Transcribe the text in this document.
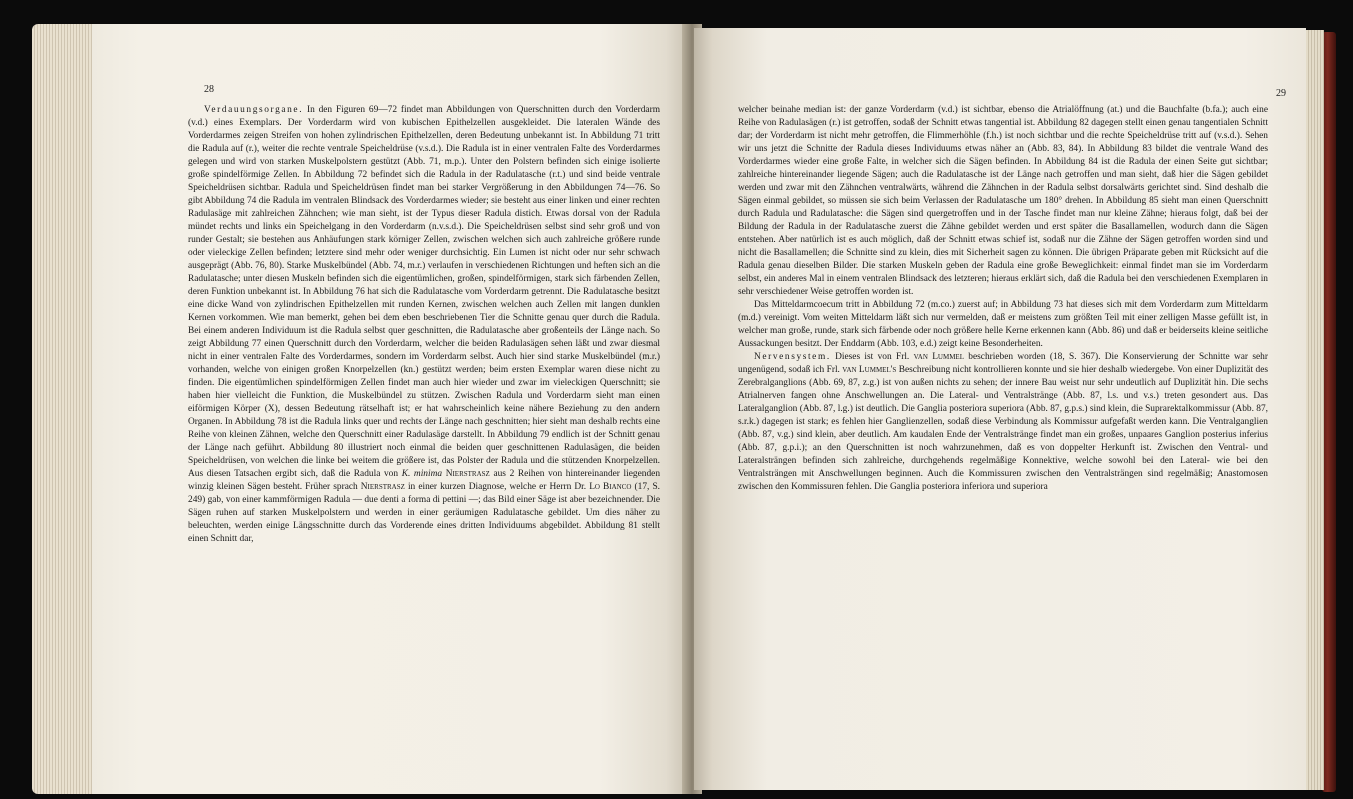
28

Verdauungsorgane. In den Figuren 69—72 findet man Abbildungen von Querschnitten durch den Vorderdarm (v.d.) eines Exemplars. Der Vorderdarm wird von kubischen Epithelzellen ausgekleidet. Die lateralen Wände des Vorderdarmes zeigen Streifen von hohen zylindrischen Epithelzellen, deren Bedeutung unbekannt ist. In Abbildung 71 tritt die Radula auf (r.), weiter die rechte ventrale Speicheldrüse (v.s.d.). Die Radula ist in einer ventralen Falte des Vorderdarmes gelegen und wird von starken Muskelpolstern gestützt (Abb. 71, m.p.). Unter den Polstern befinden sich einige isolierte große spindelförmige Zellen. In Abbildung 72 befindet sich die Radula in der Radulatasche (r.t.) und sind beide ventrale Speicheldrüsen sichtbar. Radula und Speicheldrüsen findet man bei starker Vergrößerung in den Abbildungen 74—76. So gibt Abbildung 74 die Radula im ventralen Blindsack des Vorderdarmes wieder; sie besteht aus einer linken und einer rechten Radulasäge mit zahlreichen Zähnchen; wie man sieht, ist der Typus dieser Radula distich. Etwas dorsal von der Radula mündet rechts und links ein Speichelgang in den Vorderdarm (n.v.s.d.). Die Speicheldrüsen selbst sind sehr groß und von runder Gestalt; sie bestehen aus Anhäufungen stark körniger Zellen, zwischen welchen sich auch zahlreiche größere runde oder vieleckige Zellen befinden; letztere sind mehr oder weniger durchsichtig. Ein Lumen ist nicht oder nur sehr schwach ausgeprägt (Abb. 76, 80). Starke Muskelbündel (Abb. 74, m.r.) verlaufen in verschiedenen Richtungen und heften sich an die Radulatasche; unter diesen Muskeln befinden sich die eigentümlichen, großen, spindelförmigen, stark sich färbenden Zellen, deren Funktion unbekannt ist. In Abbildung 76 hat sich die Radulatasche vom Vorderdarm getrennt. Die Radulatasche besitzt eine dicke Wand von zylindrischen Epithelzellen mit runden Kernen, zwischen welchen auch Zellen mit langen dunklen Kernen vorkommen. Wie man bemerkt, gehen bei dem eben beschriebenen Tier die Schnitte genau quer durch die Radula. Bei einem anderen Individuum ist die Radula selbst quer geschnitten, die Radulatasche aber großenteils der Länge nach. So zeigt Abbildung 77 einen Querschnitt durch den Vorderdarm, welcher die beiden Radulasägen sehen läßt und zwar diesmal nicht in einer ventralen Falte des Vorderdarmes, sondern im Vorderdarm selbst. Auch hier sind starke Muskelbündel (m.r.) vorhanden, welche von einigen großen Knorpelzellen (kn.) gestützt werden; beim ersten Exemplar waren diese nicht zu finden. Die eigentümlichen spindelförmigen Zellen findet man auch hier wieder und zwar im vieleckigen Querschnitt; sie haben hier vielleicht die Funktion, die Muskelbündel zu stützen. Zwischen Radula und Vorderdarm sieht man einen eiförmigen Körper (X), dessen Bedeutung rätselhaft ist; er hat wahrscheinlich keine nähere Beziehung zu den andern Organen. In Abbildung 78 ist die Radula links quer und rechts der Länge nach geschnitten; hier sieht man deshalb rechts eine Reihe von kleinen Zähnen, welche den Querschnitt einer Radulasäge darstellt. In Abbildung 79 endlich ist der Schnitt genau der Länge nach geführt. Abbildung 80 illustriert noch einmal die beiden quer geschnittenen Radulasägen, die beiden Speicheldrüsen, von welchen die linke bei weitem die größere ist, das Polster der Radula und die stützenden Knorpelzellen. Aus diesen Tatsachen ergibt sich, daß die Radula von K. minima Nierstrasz aus 2 Reihen von hintereinander liegenden winzig kleinen Sägen besteht. Früher sprach Nierstrasz in einer kurzen Diagnose, welche er Herrn Dr. Lo Bianco (17, S. 249) gab, von einer kammförmigen Radula — due denti a forma di pettini —; das Bild einer Säge ist aber bezeichnender. Die Sägen ruhen auf starken Muskelpolstern und werden in einer geräumigen Radulatasche gebildet. Um dies näher zu beleuchten, werden einige Längsschnitte durch das Vorderende eines dritten Individuums abgebildet. Abbildung 81 stellt einen Schnitt dar,

29

welcher beinahe median ist: der ganze Vorderdarm (v.d.) ist sichtbar, ebenso die Atrialöffnung (at.) und die Bauchfalte (b.fa.); auch eine Reihe von Radulasägen (r.) ist getroffen, sodaß der Schnitt etwas tangential ist. Abbildung 82 dagegen stellt einen genau tangentialen Schnitt dar; der Vorderdarm ist nicht mehr getroffen, die Flimmerhöhle (f.h.) ist noch sichtbar und die rechte Speicheldrüse tritt auf (v.s.d.). Sehen wir uns jetzt die Schnitte der Radula dieses Individuums etwas näher an (Abb. 83, 84). In Abbildung 83 bildet die ventrale Wand des Vorderdarmes wieder eine große Falte, in welcher sich die Sägen befinden. In Abbildung 84 ist die Radula der einen Seite gut sichtbar; zahlreiche hintereinander liegende Sägen; auch die Radulatasche ist der Länge nach getroffen und man sieht, daß hier die Sägen gebildet werden und zwar mit den Zähnchen ventralwärts, während die Zähnchen in der Radula selbst dorsalwärts gerichtet sind. Sind deshalb die Sägen einmal gebildet, so müssen sie sich beim Verlassen der Radulatasche um 180° drehen. In Abbildung 85 sieht man einen Querschnitt durch Radula und Radulatasche: die Sägen sind quergetroffen und in der Tasche findet man nur kleine Zähne; hieraus folgt, daß bei der Bildung der Radula in der Radulatasche zuerst die Zähne gebildet werden und erst später die Basallamellen, wodurch dann die Sägen entstehen. Aber natürlich ist es auch möglich, daß der Schnitt etwas schief ist, sodaß nur die Zähne der Sägen getroffen worden sind und nicht die Basallamellen; die Schnitte sind zu klein, dies mit Sicherheit sagen zu können. Die übrigen Präparate geben mit Rücksicht auf die Radula genau dieselben Bilder. Die starken Muskeln geben der Radula eine große Beweglichkeit: einmal findet man sie im Vorderdarm selbst, ein anderes Mal in einem ventralen Blindsack des letzteren; hieraus erklärt sich, daß die Radula bei den verschiedenen Exemplaren in sehr verschiedener Weise getroffen worden ist.

Das Mitteldarmcoecum tritt in Abbildung 72 (m.co.) zuerst auf; in Abbildung 73 hat dieses sich mit dem Vorderdarm zum Mitteldarm (m.d.) vereinigt. Vom weiten Mitteldarm läßt sich nur vermelden, daß er meistens zum größten Teil mit einer zelligen Masse gefüllt ist, in welcher man große, runde, stark sich färbende oder noch größere helle Kerne erkennen kann (Abb. 86) und daß er beiderseits kleine seitliche Aussackungen besitzt. Der Enddarm (Abb. 103, e.d.) zeigt keine Besonderheiten.

Nervensystem. Dieses ist von Frl. van Lummel beschrieben worden (18, S. 367). Die Konservierung der Schnitte war sehr ungenügend, sodaß ich Frl. van Lummel's Beschreibung nicht kontrollieren konnte und sie hier deshalb wiedergebe. Von einer Duplizität des Zerebralganglions (Abb. 69, 87, z.g.) ist von außen nichts zu sehen; der innere Bau weist nur sehr undeutlich auf Duplizität hin. Die sechs Atrialnerven fangen ohne Anschwellungen an. Die Lateral- und Ventralstränge (Abb. 87, l.s. und v.s.) treten gesondert aus. Das Lateralganglion (Abb. 87, l.g.) ist deutlich. Die Ganglia posteriora superiora (Abb. 87, g.p.s.) sind klein, die Suprarektalkommissur (Abb. 87, s.r.k.) dagegen ist stark; es fehlen hier Ganglienzellen, sodaß diese Verbindung als Kommissur aufgefaßt werden kann. Die Ventralganglien (Abb. 87, v.g.) sind klein, aber deutlich. Am kaudalen Ende der Ventralstränge findet man ein großes, unpaares Ganglion posterius inferius (Abb. 87, g.p.i.); an den Querschnitten ist noch wahrzunehmen, daß es von doppelter Herkunft ist. Zwischen den Ventral- und Lateralsträngen befinden sich zahlreiche, durchgehends regelmäßige Konnektive, welche sowohl bei den Lateral- wie bei den Ventralsträngen mit Anschwellungen beginnen. Auch die Kommissuren zwischen den Ventralsträngen sind regelmäßig; Anastomosen zwischen den Kommissuren fehlen. Die Ganglia posteriora inferiora und superiora
